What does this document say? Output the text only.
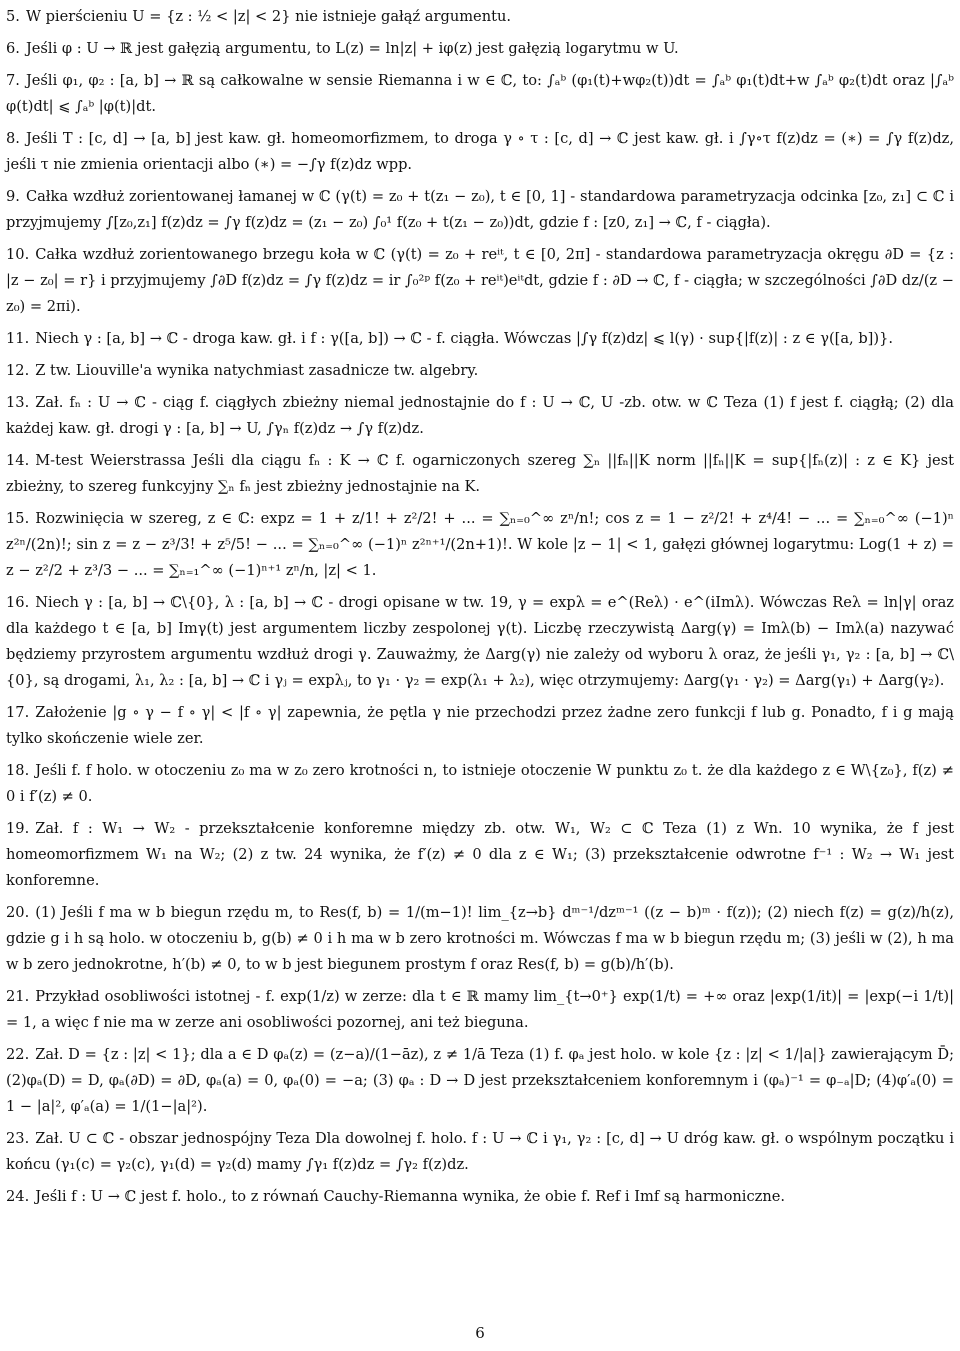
5. W pierścieniu U = {z : ½ < |z| < 2} nie istnieje gałąź argumentu.
6. Jeśli φ : U → ℝ jest gałęzią argumentu, to L(z) = ln|z| + iφ(z) jest gałęzią logarytmu w U.
7. Jeśli φ₁, φ₂ : [a, b] → ℝ są całkowalne w sensie Riemanna i w ∈ ℂ, to: ∫ₐᵇ (φ₁(t)+wφ₂(t))dt = ∫ₐᵇ φ₁(t)dt+w ∫ₐᵇ φ₂(t)dt oraz |∫ₐᵇ φ(t)dt| ⩽ ∫ₐᵇ |φ(t)|dt.
8. Jeśli T : [c, d] → [a, b] jest kaw. gł. homeomorfizmem, to droga γ ∘ τ : [c, d] → ℂ jest kaw. gł. i ∫γ∘τ f(z)dz = (∗) = ∫γ f(z)dz, jeśli τ nie zmienia orientacji albo (∗) = −∫γ f(z)dz wpp.
9. Całka wzdłuż zorientowanej łamanej w ℂ (γ(t) = z₀ + t(z₁ − z₀), t ∈ [0, 1] - standardowa parametryzacja odcinka [z₀, z₁] ⊂ ℂ i przyjmujemy ∫[z₀,z₁] f(z)dz = ∫γ f(z)dz = (z₁ − z₀) ∫₀¹ f(z₀ + t(z₁ − z₀))dt, gdzie f : [z0, z₁] → ℂ, f - ciągła).
10. Całka wzdłuż zorientowanego brzegu koła w ℂ (γ(t) = z₀ + reⁱᵗ, t ∈ [0, 2π] - standardowa parametryzacja okręgu ∂D = {z : |z − z₀| = r} i przyjmujemy ∫∂D f(z)dz = ∫γ f(z)dz = ir ∫₀²ᵖ f(z₀ + reⁱᵗ)eⁱᵗdt, gdzie f : ∂D → ℂ, f - ciągła; w szczególności ∫∂D dz/(z − z₀) = 2πi).
11. Niech γ : [a, b] → ℂ - droga kaw. gł. i f : γ([a, b]) → ℂ - f. ciągła. Wówczas |∫γ f(z)dz| ⩽ l(γ) · sup{|f(z)| : z ∈ γ([a, b])}.
12. Z tw. Liouville'a wynika natychmiast zasadnicze tw. algebry.
13. Zał. fₙ : U → ℂ - ciąg f. ciągłych zbieżny niemal jednostajnie do f : U → ℂ, U -zb. otw. w ℂ Teza (1) f jest f. ciągłą; (2) dla każdej kaw. gł. drogi γ : [a, b] → U, ∫γₙ f(z)dz → ∫γ f(z)dz.
14. M-test Weierstrassa Jeśli dla ciągu fₙ : K → ℂ f. ogarniczonych szereg ∑ₙ ||fₙ||K norm ||fₙ||K = sup{|fₙ(z)| : z ∈ K} jest zbieżny, to szereg funkcyjny ∑ₙ fₙ jest zbieżny jednostajnie na K.
15. Rozwinięcia w szereg, z ∈ ℂ: expz = 1 + z/1! + z²/2! + ... = ∑ₙ₌₀^∞ zⁿ/n!; cos z = 1 − z²/2! + z⁴/4! − ... = ∑ₙ₌₀^∞ (−1)ⁿ z²ⁿ/(2n)!; sin z = z − z³/3! + z⁵/5! − ... = ∑ₙ₌₀^∞ (−1)ⁿ z²ⁿ⁺¹/(2n+1)!. W kole |z − 1| < 1, gałęzi głównej logarytmu: Log(1 + z) = z − z²/2 + z³/3 − ... = ∑ₙ₌₁^∞ (−1)ⁿ⁺¹ zⁿ/n, |z| < 1.
16. Niech γ : [a, b] → ℂ\{0}, λ : [a, b] → ℂ - drogi opisane w tw. 19, γ = expλ = e^(Reλ) · e^(iImλ). Wówczas Reλ = ln|γ| oraz dla każdego t ∈ [a, b] Imγ(t) jest argumentem liczby zespolonej γ(t). Liczbę rzeczywistą Δarg(γ) = Imλ(b) − Imλ(a) nazywać będziemy przyrostem argumentu wzdłuż drogi γ. Zauważmy, że Δarg(γ) nie zależy od wyboru λ oraz, że jeśli γ₁, γ₂ : [a, b] → ℂ\{0}, są drogami, λ₁, λ₂ : [a, b] → ℂ i γⱼ = expλⱼ, to γ₁ · γ₂ = exp(λ₁ + λ₂), więc otrzymujemy: Δarg(γ₁ · γ₂) = Δarg(γ₁) + Δarg(γ₂).
17. Założenie |g ∘ γ − f ∘ γ| < |f ∘ γ| zapewnia, że pętla γ nie przechodzi przez żadne zero funkcji f lub g. Ponadto, f i g mają tylko skończenie wiele zer.
18. Jeśli f. f holo. w otoczeniu z₀ ma w z₀ zero krotności n, to istnieje otoczenie W punktu z₀ t. że dla każdego z ∈ W\{z₀}, f(z) ≠ 0 i f′(z) ≠ 0.
19. Zał. f : W₁ → W₂ - przekształcenie konforemne między zb. otw. W₁, W₂ ⊂ ℂ Teza (1) z Wn. 10 wynika, że f jest homeomorfizmem W₁ na W₂; (2) z tw. 24 wynika, że f′(z) ≠ 0 dla z ∈ W₁; (3) przekształcenie odwrotne f⁻¹ : W₂ → W₁ jest konforemne.
20. (1) Jeśli f ma w b biegun rzędu m, to Res(f, b) = 1/(m−1)! lim_{z→b} dᵐ⁻¹/dzᵐ⁻¹ ((z − b)ᵐ · f(z)); (2) niech f(z) = g(z)/h(z), gdzie g i h są holo. w otoczeniu b, g(b) ≠ 0 i h ma w b zero krotności m. Wówczas f ma w b biegun rzędu m; (3) jeśli w (2), h ma w b zero jednokrotne, h′(b) ≠ 0, to w b jest biegunem prostym f oraz Res(f, b) = g(b)/h′(b).
21. Przykład osobliwości istotnej - f. exp(1/z) w zerze: dla t ∈ ℝ mamy lim_{t→0⁺} exp(1/t) = +∞ oraz |exp(1/it)| = |exp(−i 1/t)| = 1, a więc f nie ma w zerze ani osobliwości pozornej, ani też bieguna.
22. Zał. D = {z : |z| < 1}; dla a ∈ D φₐ(z) = (z−a)/(1−āz), z ≠ 1/ā Teza (1) f. φₐ jest holo. w kole {z : |z| < 1/|a|} zawierającym D̄; (2)φₐ(D) = D, φₐ(∂D) = ∂D, φₐ(a) = 0, φₐ(0) = −a; (3) φₐ : D → D jest przekształceniem konforemnym i (φₐ)⁻¹ = φ₋ₐ|D; (4)φ′ₐ(0) = 1 − |a|², φ′ₐ(a) = 1/(1−|a|²).
23. Zał. U ⊂ ℂ - obszar jednospójny Teza Dla dowolnej f. holo. f : U → ℂ i γ₁, γ₂ : [c, d] → U dróg kaw. gł. o wspólnym początku i końcu (γ₁(c) = γ₂(c), γ₁(d) = γ₂(d) mamy ∫γ₁ f(z)dz = ∫γ₂ f(z)dz.
24. Jeśli f : U → ℂ jest f. holo., to z równań Cauchy-Riemanna wynika, że obie f. Ref i Imf są harmoniczne.
6
